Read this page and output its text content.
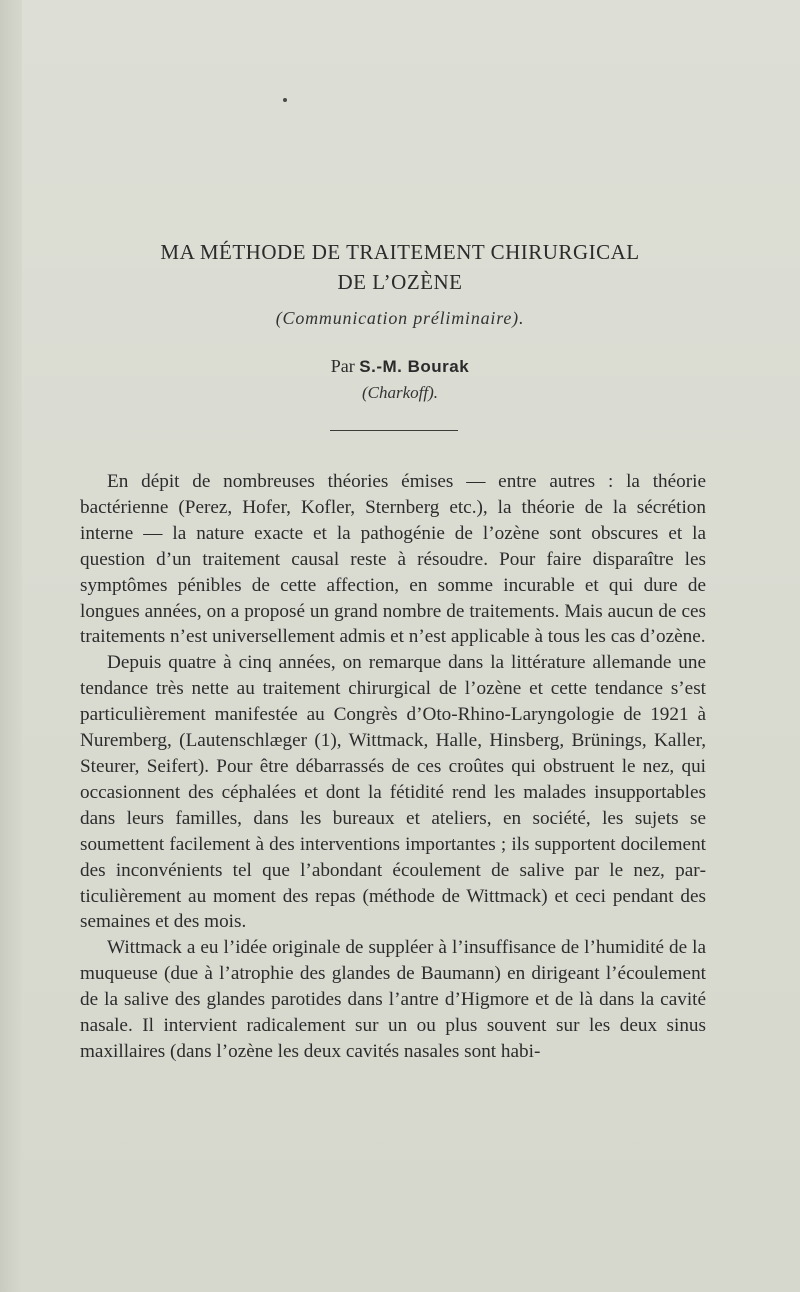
MA MÉTHODE DE TRAITEMENT CHIRURGICAL
DE L’OZÈNE
(Communication préliminaire).
Par S.-M. Bourak
(Charkoff).

En dépit de nombreuses théories émises — entre autres : la théorie bactérienne (Perez, Hofer, Kofler, Sternberg etc.), la théorie de la sécrétion interne — la nature exacte et la pathogénie de l’ozène sont obscures et la question d’un traitement causal reste à résoudre. Pour faire disparaître les symptômes pénibles de cette affection, en somme incurable et qui dure de longues années, on a proposé un grand nombre de traitements. Mais aucun de ces traitements n’est universellement admis et n’est applicable à tous les cas d’ozène.

Depuis quatre à cinq années, on remarque dans la littérature allemande une tendance très nette au traitement chirurgical de l’ozène et cette tendance s’est particulièrement manifestée au Congrès d’Oto-Rhino-Laryngologie de 1921 à Nuremberg, (Lautenschlæger (1), Wittmack, Halle, Hinsberg, Brünings, Kaller, Steurer, Seifert). Pour être débarrassés de ces croûtes qui obstruent le nez, qui occasionnent des céphalées et dont la fétidité rend les malades insupportables dans leurs familles, dans les bureaux et ateliers, en société, les sujets se soumettent facilement à des interventions importantes ; ils supportent docilement des inconvénients tel que l’abondant écoulement de salive par le nez, particulièrement au moment des repas (méthode de Wittmack) et ceci pendant des semaines et des mois.

Wittmack a eu l’idée originale de suppléer à l’insuffisance de l’humidité de la muqueuse (due à l’atrophie des glandes de Baumann) en dirigeant l’écoulement de la salive des glandes parotides dans l’antre d’Higmore et de là dans la cavité nasale. Il intervient radicalement sur un ou plus souvent sur les deux sinus maxillaires (dans l’ozène les deux cavités nasales sont habi-
